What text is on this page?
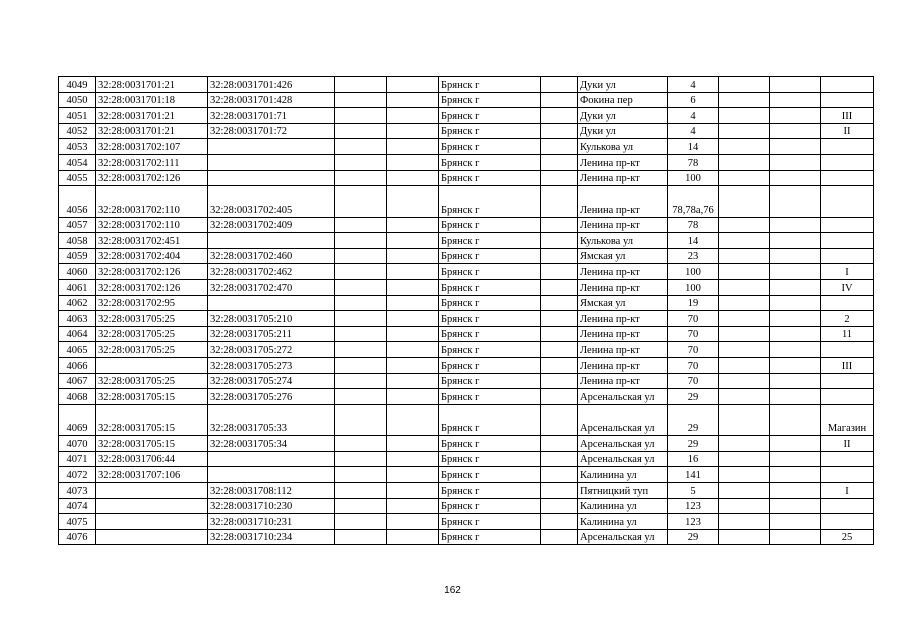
4049	32:28:0031701:21	32:28:0031701:426			Брянск г		Дуки ул	4			
4050	32:28:0031701:18	32:28:0031701:428			Брянск г		Фокина пер	6			
4051	32:28:0031701:21	32:28:0031701:71			Брянск г		Дуки ул	4			III
4052	32:28:0031701:21	32:28:0031701:72			Брянск г		Дуки ул	4			II
4053	32:28:0031702:107				Брянск г		Кулькова ул	14			
4054	32:28:0031702:111				Брянск г		Ленина пр-кт	78			
4055	32:28:0031702:126				Брянск г		Ленина пр-кт	100			
4056	32:28:0031702:110	32:28:0031702:405			Брянск г		Ленина пр-кт	78,78а,76			
4057	32:28:0031702:110	32:28:0031702:409			Брянск г		Ленина пр-кт	78			
4058	32:28:0031702:451				Брянск г		Кулькова ул	14			
4059	32:28:0031702:404	32:28:0031702:460			Брянск г		Ямская ул	23			
4060	32:28:0031702:126	32:28:0031702:462			Брянск г		Ленина пр-кт	100			I
4061	32:28:0031702:126	32:28:0031702:470			Брянск г		Ленина пр-кт	100			IV
4062	32:28:0031702:95				Брянск г		Ямская ул	19			
4063	32:28:0031705:25	32:28:0031705:210			Брянск г		Ленина пр-кт	70			2
4064	32:28:0031705:25	32:28:0031705:211			Брянск г		Ленина пр-кт	70			11
4065	32:28:0031705:25	32:28:0031705:272			Брянск г		Ленина пр-кт	70			
4066		32:28:0031705:273			Брянск г		Ленина пр-кт	70			III
4067	32:28:0031705:25	32:28:0031705:274			Брянск г		Ленина пр-кт	70			
4068	32:28:0031705:15	32:28:0031705:276			Брянск г		Арсенальская ул	29			
4069	32:28:0031705:15	32:28:0031705:33			Брянск г		Арсенальская ул	29			Магазин
4070	32:28:0031705:15	32:28:0031705:34			Брянск г		Арсенальская ул	29			II
4071	32:28:0031706:44				Брянск г		Арсенальская ул	16			
4072	32:28:0031707:106				Брянск г		Калинина ул	141			
4073		32:28:0031708:112			Брянск г		Пятницкий туп	5			I
4074		32:28:0031710:230			Брянск г		Калинина ул	123			
4075		32:28:0031710:231			Брянск г		Калинина ул	123			
4076		32:28:0031710:234			Брянск г		Арсенальская ул	29			25
162
